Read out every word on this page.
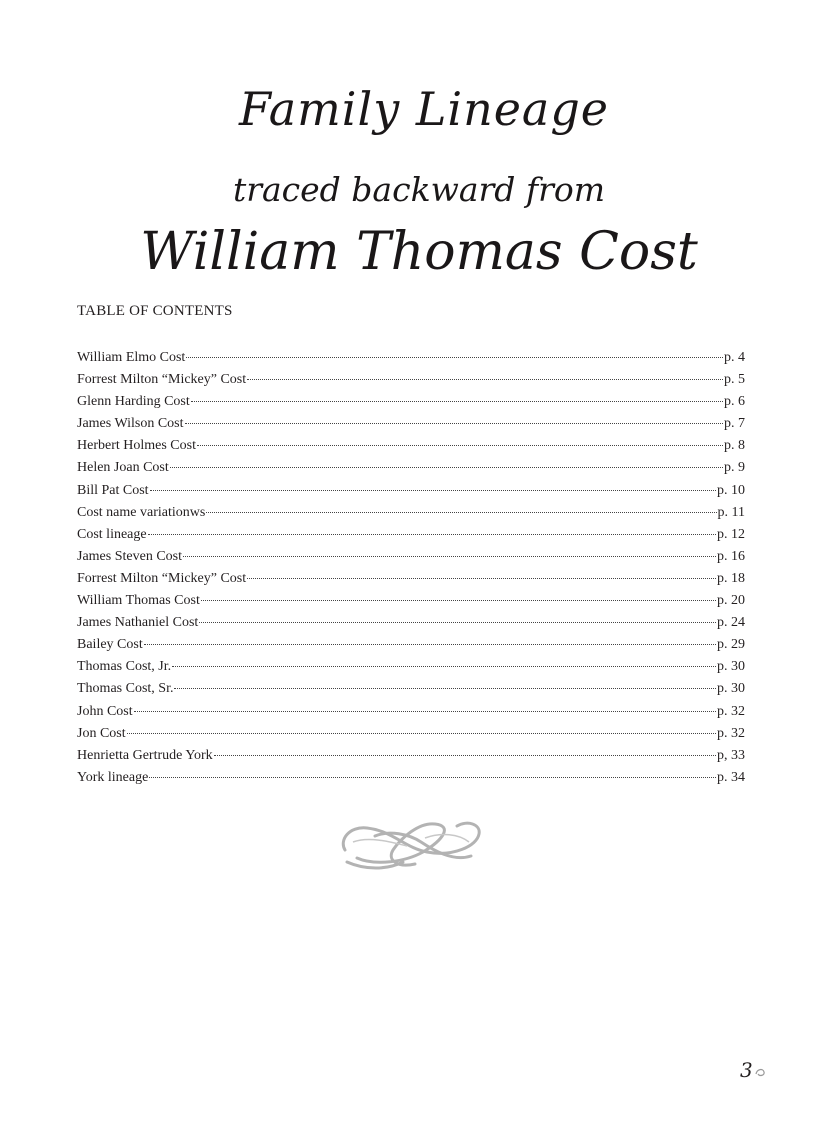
Family Lineage
traced backward from
William Thomas Cost
TABLE OF CONTENTS
William Elmo Cost	p. 4
Forrest Milton “Mickey” Cost	p. 5
Glenn Harding Cost	p. 6
James Wilson Cost	p. 7
Herbert Holmes Cost	p. 8
Helen Joan Cost	p. 9
Bill Pat Cost	p. 10
Cost name variationws	p. 11
Cost lineage	p. 12
James Steven Cost	p. 16
Forrest Milton “Mickey” Cost	p. 18
William Thomas Cost	p. 20
James Nathaniel Cost	p. 24
Bailey Cost	p. 29
Thomas Cost, Jr.	p. 30
Thomas Cost, Sr.	p. 30
John Cost	p. 32
Jon Cost	p. 32
Henrietta Gertrude York	p, 33
York lineage	p. 34
3
